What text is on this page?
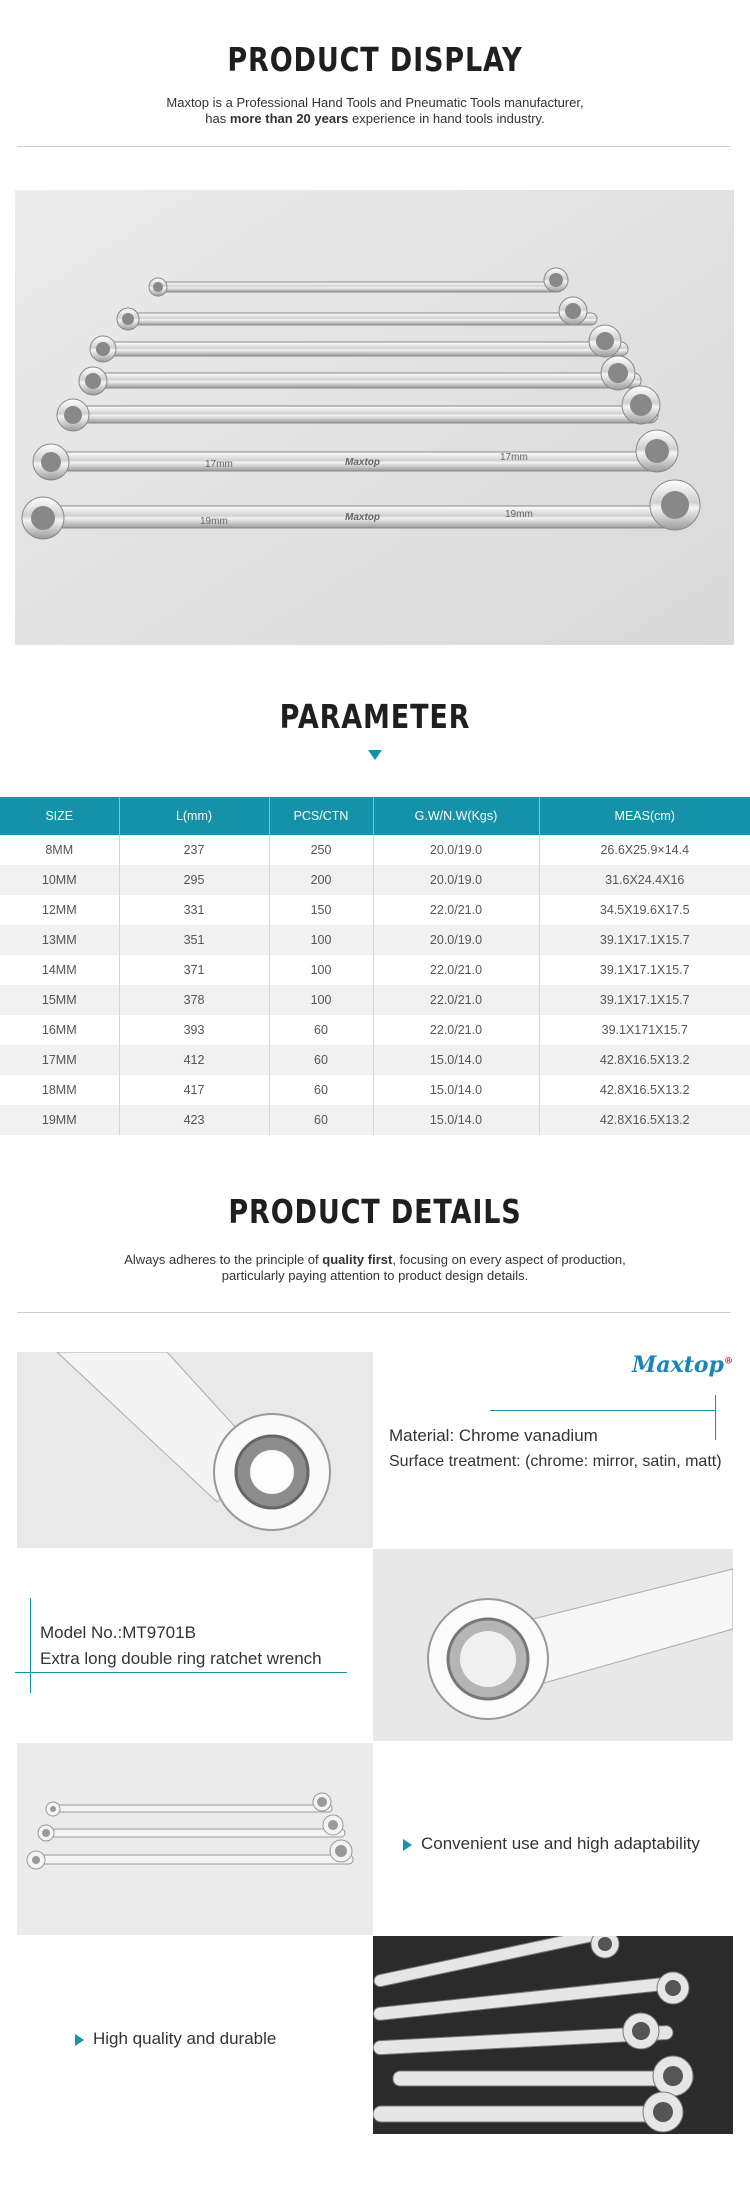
PRODUCT DISPLAY
Maxtop is a Professional Hand Tools and Pneumatic Tools manufacturer,
has more than 20 years experience in hand tools industry.
17mm
17mm
19mm
19mm
Maxtop
Maxtop
PARAMETER
SIZE	L(mm)	PCS/CTN	G.W/N.W(Kgs)	MEAS(cm)
8MM	237	250	20.0/19.0	26.6X25.9×14.4
10MM	295	200	20.0/19.0	31.6X24.4X16
12MM	331	150	22.0/21.0	34.5X19.6X17.5
13MM	351	100	20.0/19.0	39.1X17.1X15.7
14MM	371	100	22.0/21.0	39.1X17.1X15.7
15MM	378	100	22.0/21.0	39.1X17.1X15.7
16MM	393	60	22.0/21.0	39.1X171X15.7
17MM	412	60	15.0/14.0	42.8X16.5X13.2
18MM	417	60	15.0/14.0	42.8X16.5X13.2
19MM	423	60	15.0/14.0	42.8X16.5X13.2
PRODUCT DETAILS
Always adheres to the principle of quality first, focusing on every aspect of production,
particularly paying attention to product design details.
Maxtop®
Material: Chrome vanadium
Surface treatment: (chrome: mirror, satin, matt)
Model No.:MT9701B
Extra long double ring ratchet wrench
Convenient use and high adaptability
High quality and durable
